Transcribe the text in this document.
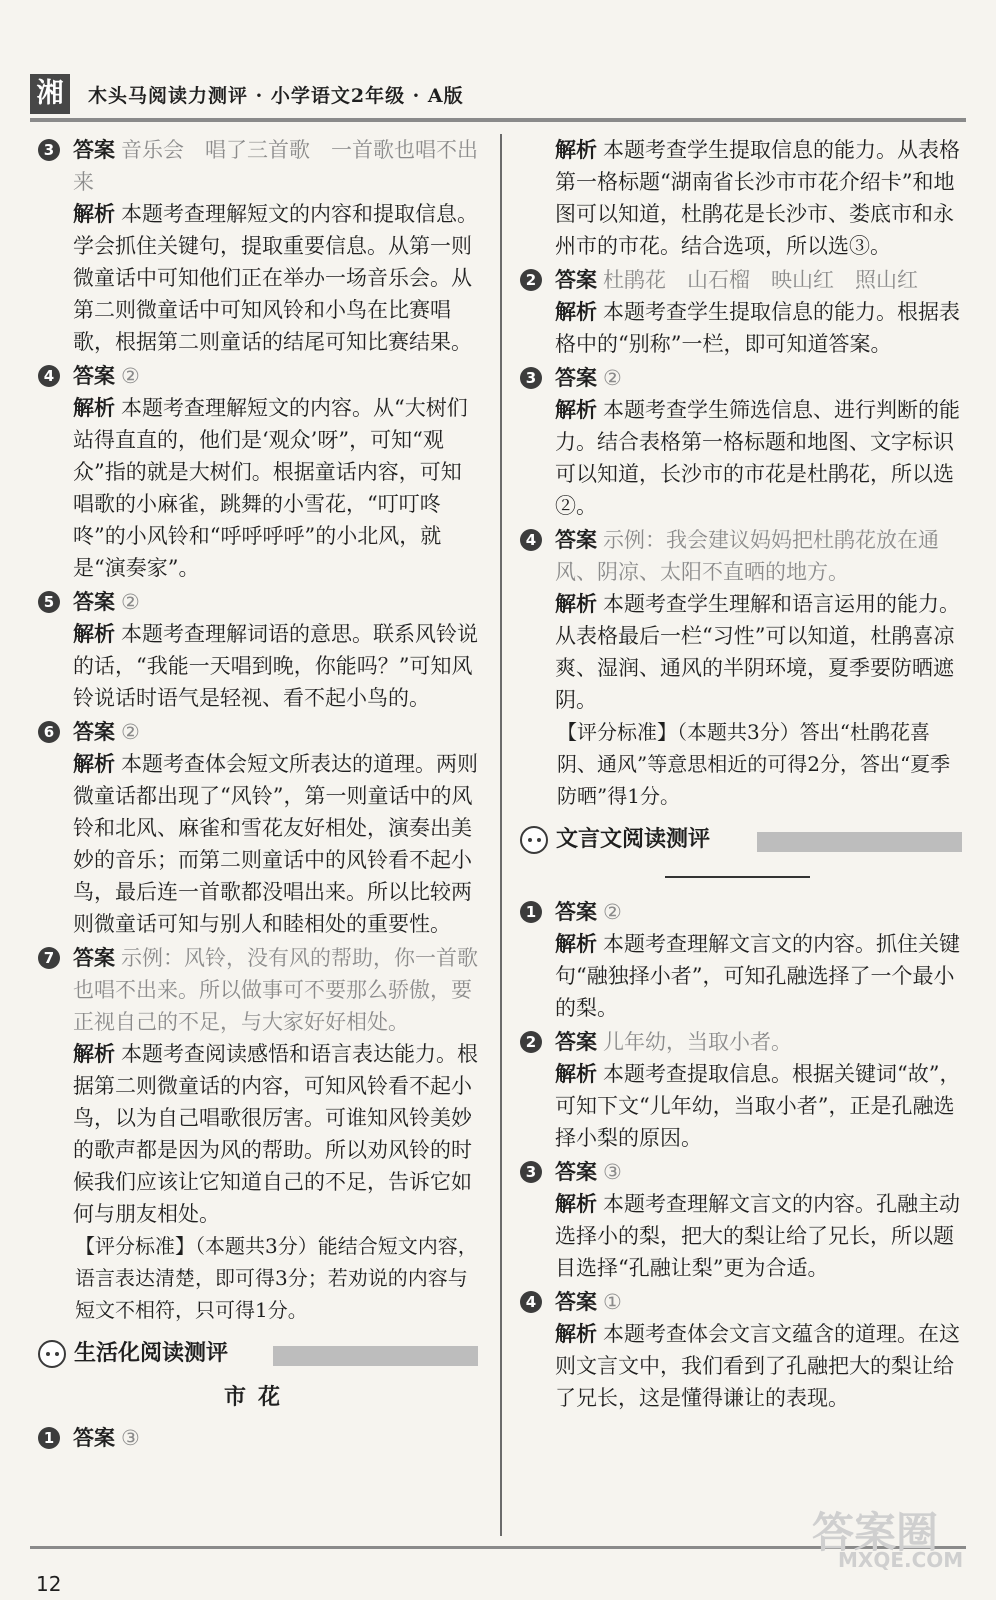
湘	木头马阅读力测评 · 小学语文2年级 · A版
3 答案 音乐会　唱了三首歌　一首歌也唱不出来

解析 本题考查理解短文的内容和提取信息。学会抓住关键句，提取重要信息。从第一则微童话中可知他们正在举办一场音乐会。从第二则微童话中可知风铃和小鸟在比赛唱歌，根据第二则童话的结尾可知比赛结果。

4 答案 ②

解析 本题考查理解短文的内容。从“大树们站得直直的，他们是‘观众’呀”，可知“观众”指的就是大树们。根据童话内容，可知唱歌的小麻雀，跳舞的小雪花，“叮叮咚咚”的小风铃和“呼呼呼呼”的小北风，就是“演奏家”。

5 答案 ②

解析 本题考查理解词语的意思。联系风铃说的话，“我能一天唱到晚，你能吗？”可知风铃说话时语气是轻视、看不起小鸟的。

6 答案 ②

解析 本题考查体会短文所表达的道理。两则微童话都出现了“风铃”，第一则童话中的风铃和北风、麻雀和雪花友好相处，演奏出美妙的音乐；而第二则童话中的风铃看不起小鸟，最后连一首歌都没唱出来。所以比较两则微童话可知与别人和睦相处的重要性。

7 答案 示例：风铃，没有风的帮助，你一首歌也唱不出来。所以做事可不要那么骄傲，要正视自己的不足，与大家好好相处。

解析 本题考查阅读感悟和语言表达能力。根据第二则微童话的内容，可知风铃看不起小鸟，以为自己唱歌很厉害。可谁知风铃美妙的歌声都是因为风的帮助。所以劝风铃的时候我们应该让它知道自己的不足，告诉它如何与朋友相处。

【评分标准】（本题共3分）能结合短文内容，语言表达清楚，即可得3分；若劝说的内容与短文不相符，只可得1分。

生活化阅读测评
市花
1 答案 ③

解析 本题考查学生提取信息的能力。从表格第一格标题“湖南省长沙市市花介绍卡”和地图可以知道，杜鹃花是长沙市、娄底市和永州市的市花。结合选项，所以选③。

2 答案 杜鹃花　山石榴　映山红　照山红

解析 本题考查学生提取信息的能力。根据表格中的“别称”一栏，即可知道答案。

3 答案 ②

解析 本题考查学生筛选信息、进行判断的能力。结合表格第一格标题和地图、文字标识可以知道，长沙市的市花是杜鹃花，所以选②。

4 答案 示例：我会建议妈妈把杜鹃花放在通风、阴凉、太阳不直晒的地方。

解析 本题考查学生理解和语言运用的能力。从表格最后一栏“习性”可以知道，杜鹃喜凉爽、湿润、通风的半阴环境，夏季要防晒遮阴。

【评分标准】（本题共3分）答出“杜鹃花喜阴、通风”等意思相近的可得2分，答出“夏季防晒”得1分。

文言文阅读测评
1 答案 ②

解析 本题考查理解文言文的内容。抓住关键句“融独择小者”，可知孔融选择了一个最小的梨。

2 答案 儿年幼，当取小者。

解析 本题考查提取信息。根据关键词“故”，可知下文“儿年幼，当取小者”，正是孔融选择小梨的原因。

3 答案 ③

解析 本题考查理解文言文的内容。孔融主动选择小的梨，把大的梨让给了兄长，所以题目选择“孔融让梨”更为合适。

4 答案 ①

解析 本题考查体会文言文蕴含的道理。在这则文言文中，我们看到了孔融把大的梨让给了兄长，这是懂得谦让的表现。

12
答案圈
MXQE.COM
